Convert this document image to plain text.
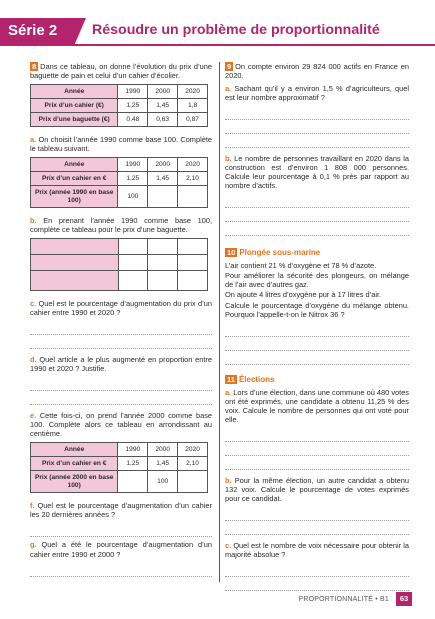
Série 2 Résoudre un problème de proportionnalité

8 Dans ce tableau, on donne l’évolution du prix d’une baguette de pain et celui d’un cahier d’écolier.

Année	1990	2000	2020
Prix d’un cahier (€)	1,25	1,45	1,8
Prix d’une baguette (€)	0,48	0,63	0,87

a. On choisit l’année 1990 comme base 100. Complète le tableau suivant.

Année	1990	2000	2020
Prix d’un cahier en €	1,25	1,45	2,10
Prix (année 1990 en base 100)	100		

b. En prenant l’année 1990 comme base 100, complète ce tableau pour le prix d’une baguette.

c. Quel est le pourcentage d’augmentation du prix d’un cahier entre 1990 et 2020 ?

d. Quel article a le plus augmenté en proportion entre 1990 et 2020 ? Justifie.

e. Cette fois-ci, on prend l’année 2000 comme base 100. Complète alors ce tableau en arrondissant au centième.

Année	1990	2000	2020
Prix d’un cahier en €	1,25	1,45	2,10
Prix (année 2000 en base 100)		100	

f. Quel est le pourcentage d’augmentation d’un cahier les 20 dernières années ?

g. Quel a été le pourcentage d’augmentation d’un cahier entre 1990 et 2000 ?

9 On compte environ 29 824 000 actifs en France en 2020.

a. Sachant qu’il y a environ 1,5 % d’agriculteurs, quel est leur nombre approximatif ?

b. Le nombre de personnes travaillant en 2020 dans la construction est d’environ 1 808 000 personnes. Calcule leur pourcentage à 0,1 % près par rapport au nombre d’actifs.

10 Plongée sous-marine

L’air contient 21 % d’oxygène et 78 % d’azote.

Pour améliorer la sécurité des plongeurs, on mélange de l’air avec d’autres gaz.

On ajoute 4 litres d’oxygène pur à 17 litres d’air.

Calcule le pourcentage d’oxygène du mélange obtenu. Pourquoi l’appelle-t-on le Nitrox 36 ?

11 Élections

a. Lors d’une élection, dans une commune où 480 votes ont été exprimés, une candidate a obtenu 11,25 % des voix. Calcule le nombre de personnes qui ont voté pour elle.

b. Pour la même élection, un autre candidat a obtenu 132 voix. Calcule le pourcentage de votes exprimés pour ce candidat.

c. Quel est le nombre de voix nécessaire pour obtenir la majorité absolue ?

PROPORTIONNALITÉ • B1	63
